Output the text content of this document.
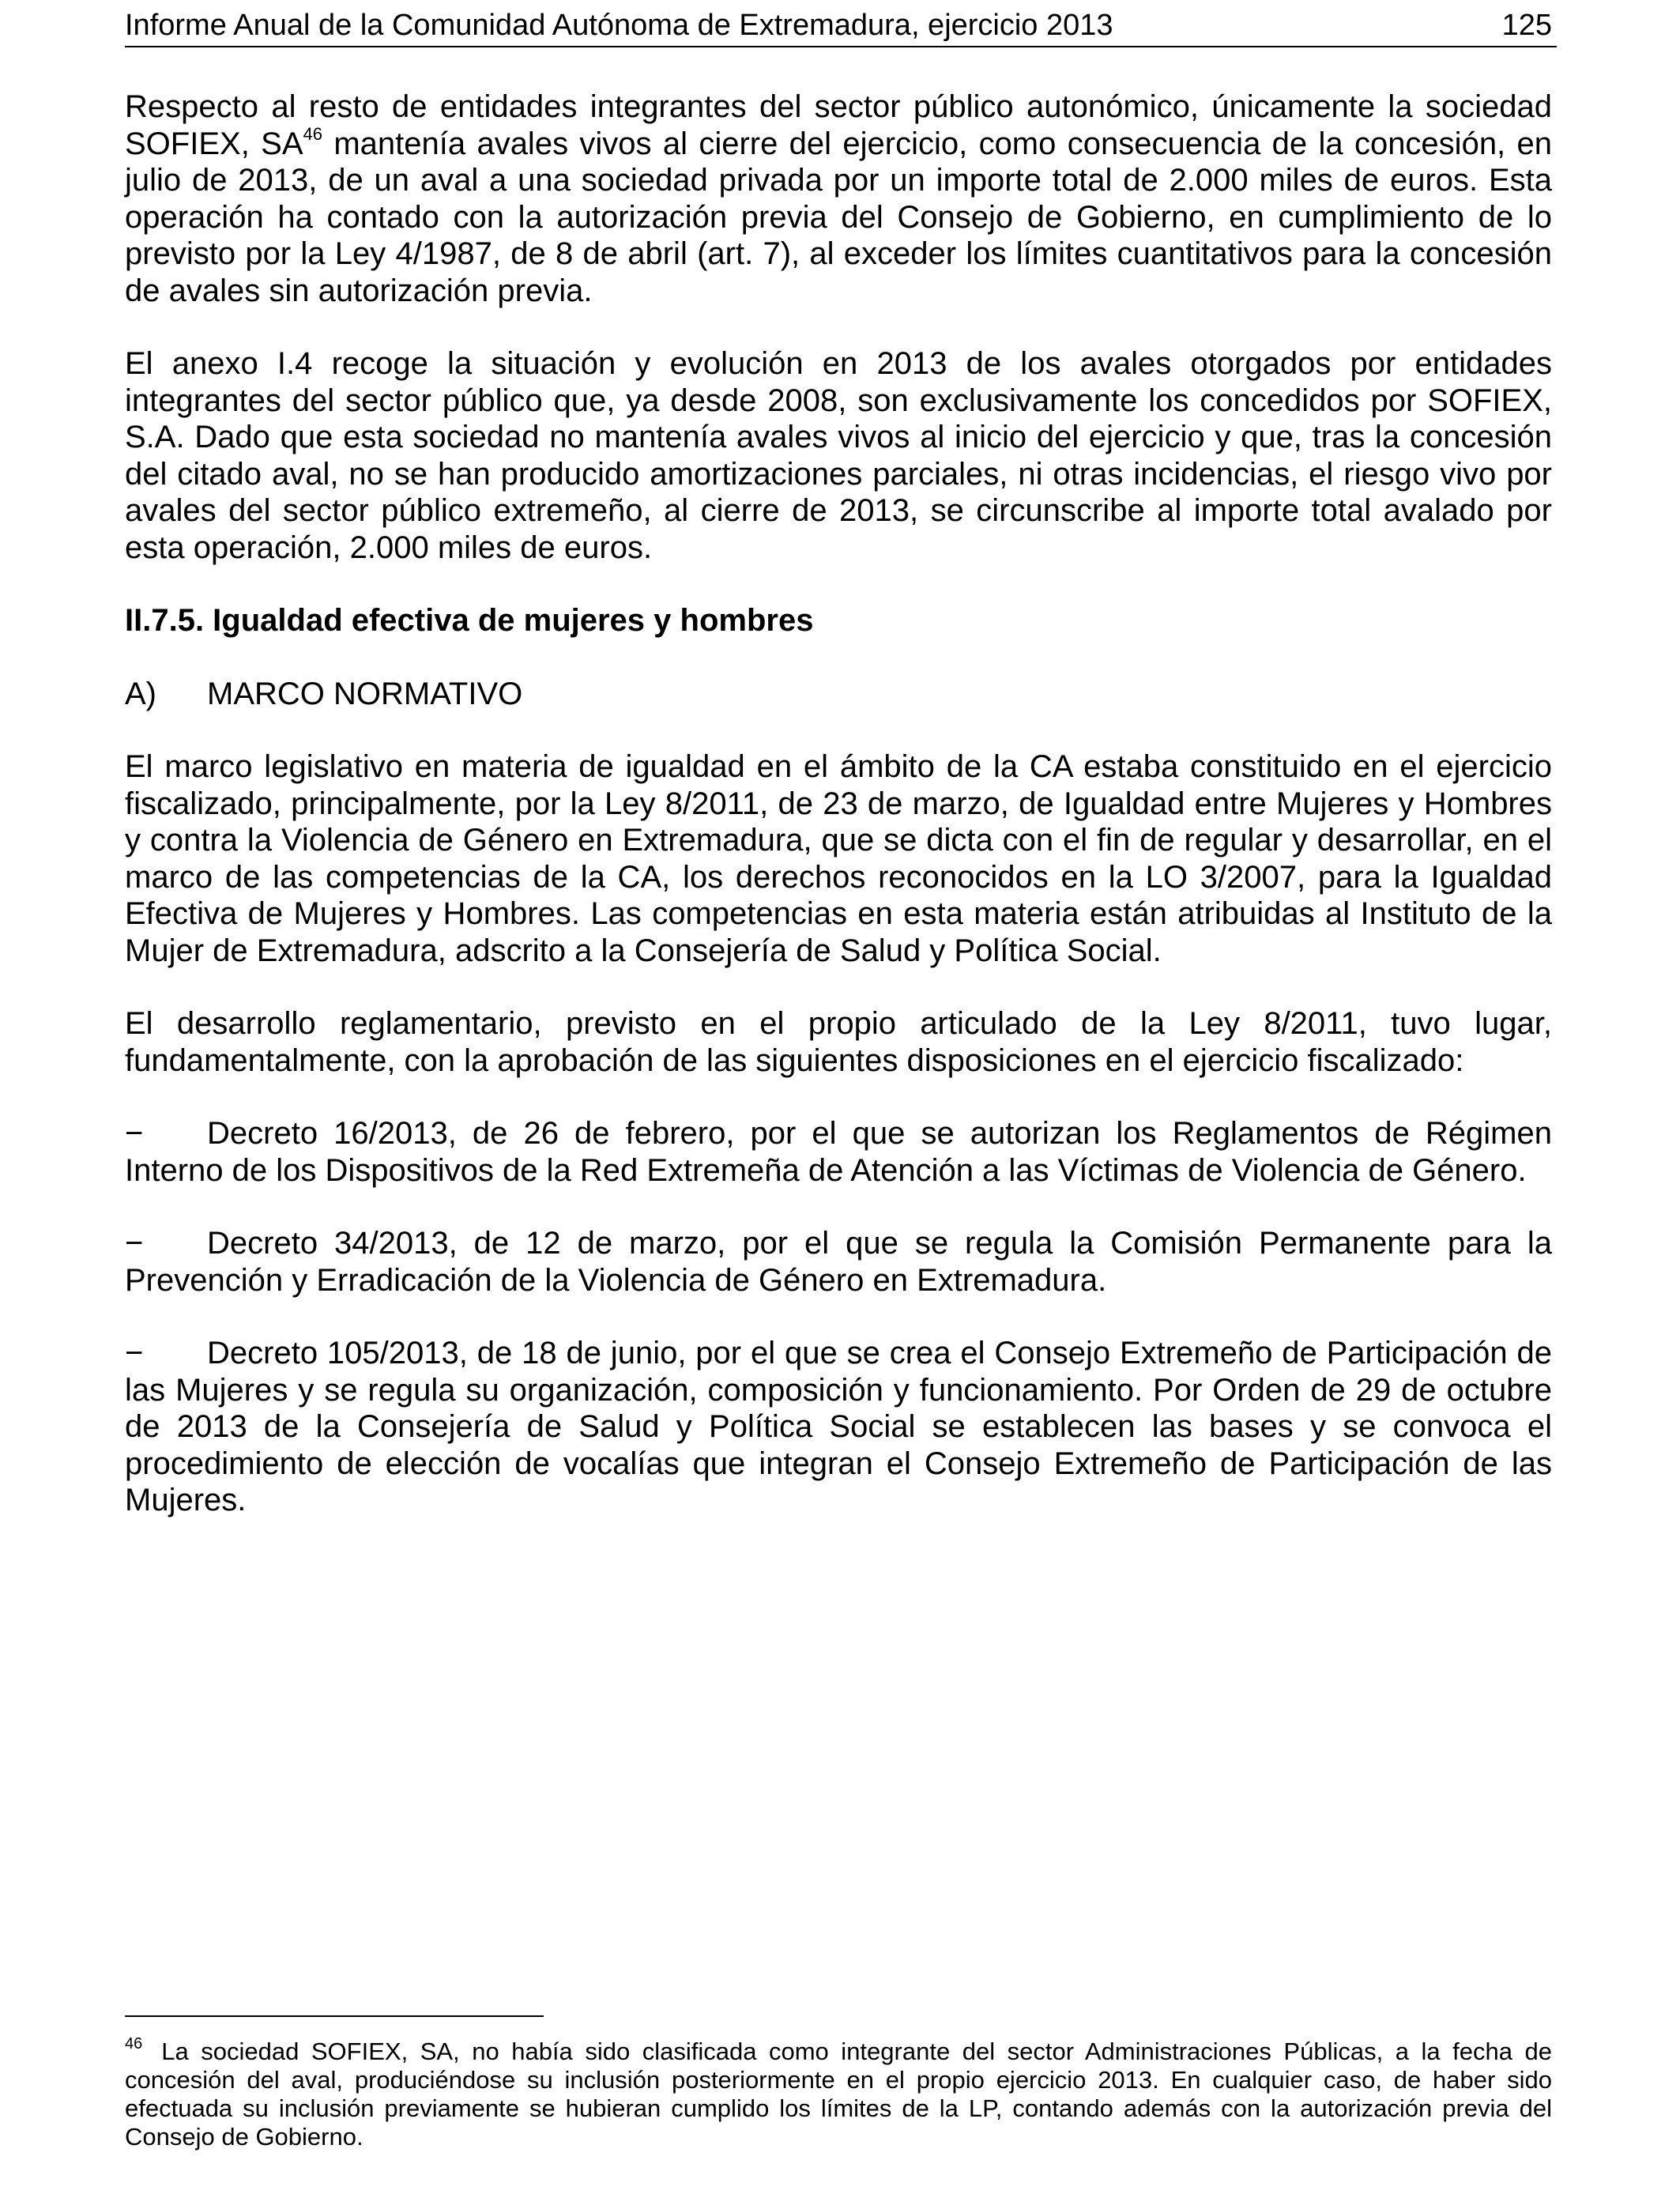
Informe Anual de la Comunidad Autónoma de Extremadura, ejercicio 2013	125

Respecto al resto de entidades integrantes del sector público autonómico, únicamente la sociedad SOFIEX, SA$^{46}$ mantenía avales vivos al cierre del ejercicio, como consecuencia de la concesión, en julio de 2013, de un aval a una sociedad privada por un importe total de 2.000 miles de euros. Esta operación ha contado con la autorización previa del Consejo de Gobierno, en cumplimiento de lo previsto por la Ley 4/1987, de 8 de abril (art. 7), al exceder los límites cuantitativos para la concesión de avales sin autorización previa.

El anexo I.4 recoge la situación y evolución en 2013 de los avales otorgados por entidades integrantes del sector público que, ya desde 2008, son exclusivamente los concedidos por SOFIEX, S.A. Dado que esta sociedad no mantenía avales vivos al inicio del ejercicio y que, tras la concesión del citado aval, no se han producido amortizaciones parciales, ni otras incidencias, el riesgo vivo por avales del sector público extremeño, al cierre de 2013, se circunscribe al importe total avalado por esta operación, 2.000 miles de euros.

II.7.5. Igualdad efectiva de mujeres y hombres
A) MARCO NORMATIVO

El marco legislativo en materia de igualdad en el ámbito de la CA estaba constituido en el ejercicio fiscalizado, principalmente, por la Ley 8/2011, de 23 de marzo, de Igualdad entre Mujeres y Hombres y contra la Violencia de Género en Extremadura, que se dicta con el fin de regular y desarrollar, en el marco de las competencias de la CA, los derechos reconocidos en la LO 3/2007, para la Igualdad Efectiva de Mujeres y Hombres. Las competencias en esta materia están atribuidas al Instituto de la Mujer de Extremadura, adscrito a la Consejería de Salud y Política Social.

El desarrollo reglamentario, previsto en el propio articulado de la Ley 8/2011, tuvo lugar, fundamentalmente, con la aprobación de las siguientes disposiciones en el ejercicio fiscalizado:

− Decreto 16/2013, de 26 de febrero, por el que se autorizan los Reglamentos de Régimen Interno de los Dispositivos de la Red Extremeña de Atención a las Víctimas de Violencia de Género.
− Decreto 34/2013, de 12 de marzo, por el que se regula la Comisión Permanente para la Prevención y Erradicación de la Violencia de Género en Extremadura.
− Decreto 105/2013, de 18 de junio, por el que se crea el Consejo Extremeño de Participación de las Mujeres y se regula su organización, composición y funcionamiento. Por Orden de 29 de octubre de 2013 de la Consejería de Salud y Política Social se establecen las bases y se convoca el procedimiento de elección de vocalías que integran el Consejo Extremeño de Participación de las Mujeres.
$^{46}$ La sociedad SOFIEX, SA, no había sido clasificada como integrante del sector Administraciones Públicas, a la fecha de concesión del aval, produciéndose su inclusión posteriormente en el propio ejercicio 2013. En cualquier caso, de haber sido efectuada su inclusión previamente se hubieran cumplido los límites de la LP, contando además con la autorización previa del Consejo de Gobierno.
